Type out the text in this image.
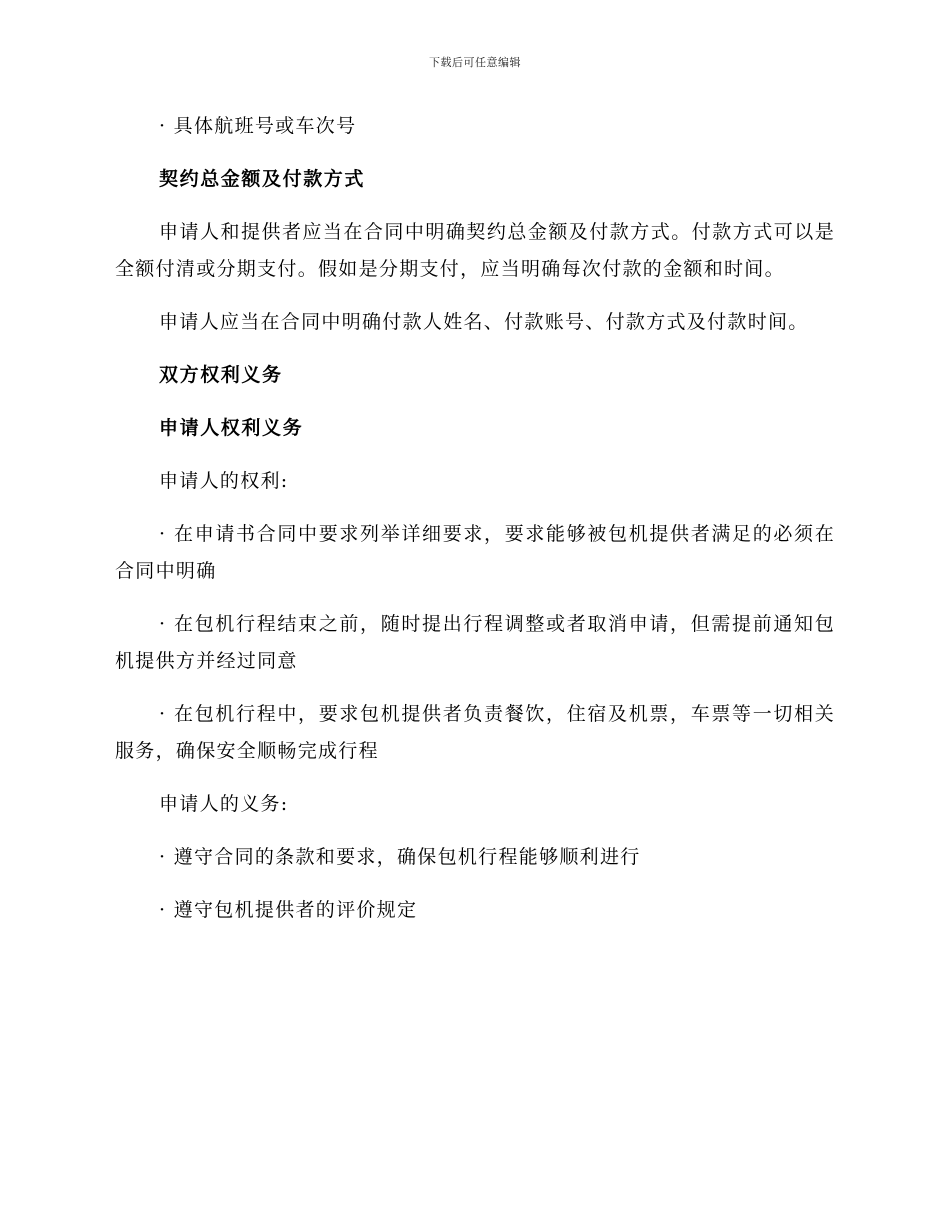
下载后可任意编辑

· 具体航班号或车次号

契约总金额及付款方式

申请人和提供者应当在合同中明确契约总金额及付款方式。付款方式可以是全额付清或分期支付。假如是分期支付，应当明确每次付款的金额和时间。

申请人应当在合同中明确付款人姓名、付款账号、付款方式及付款时间。

双方权利义务

申请人权利义务

申请人的权利:

· 在申请书合同中要求列举详细要求，要求能够被包机提供者满足的必须在合同中明确

· 在包机行程结束之前，随时提出行程调整或者取消申请，但需提前通知包机提供方并经过同意

· 在包机行程中，要求包机提供者负责餐饮，住宿及机票，车票等一切相关服务，确保安全顺畅完成行程

申请人的义务:

· 遵守合同的条款和要求，确保包机行程能够顺利进行

· 遵守包机提供者的评价规定
